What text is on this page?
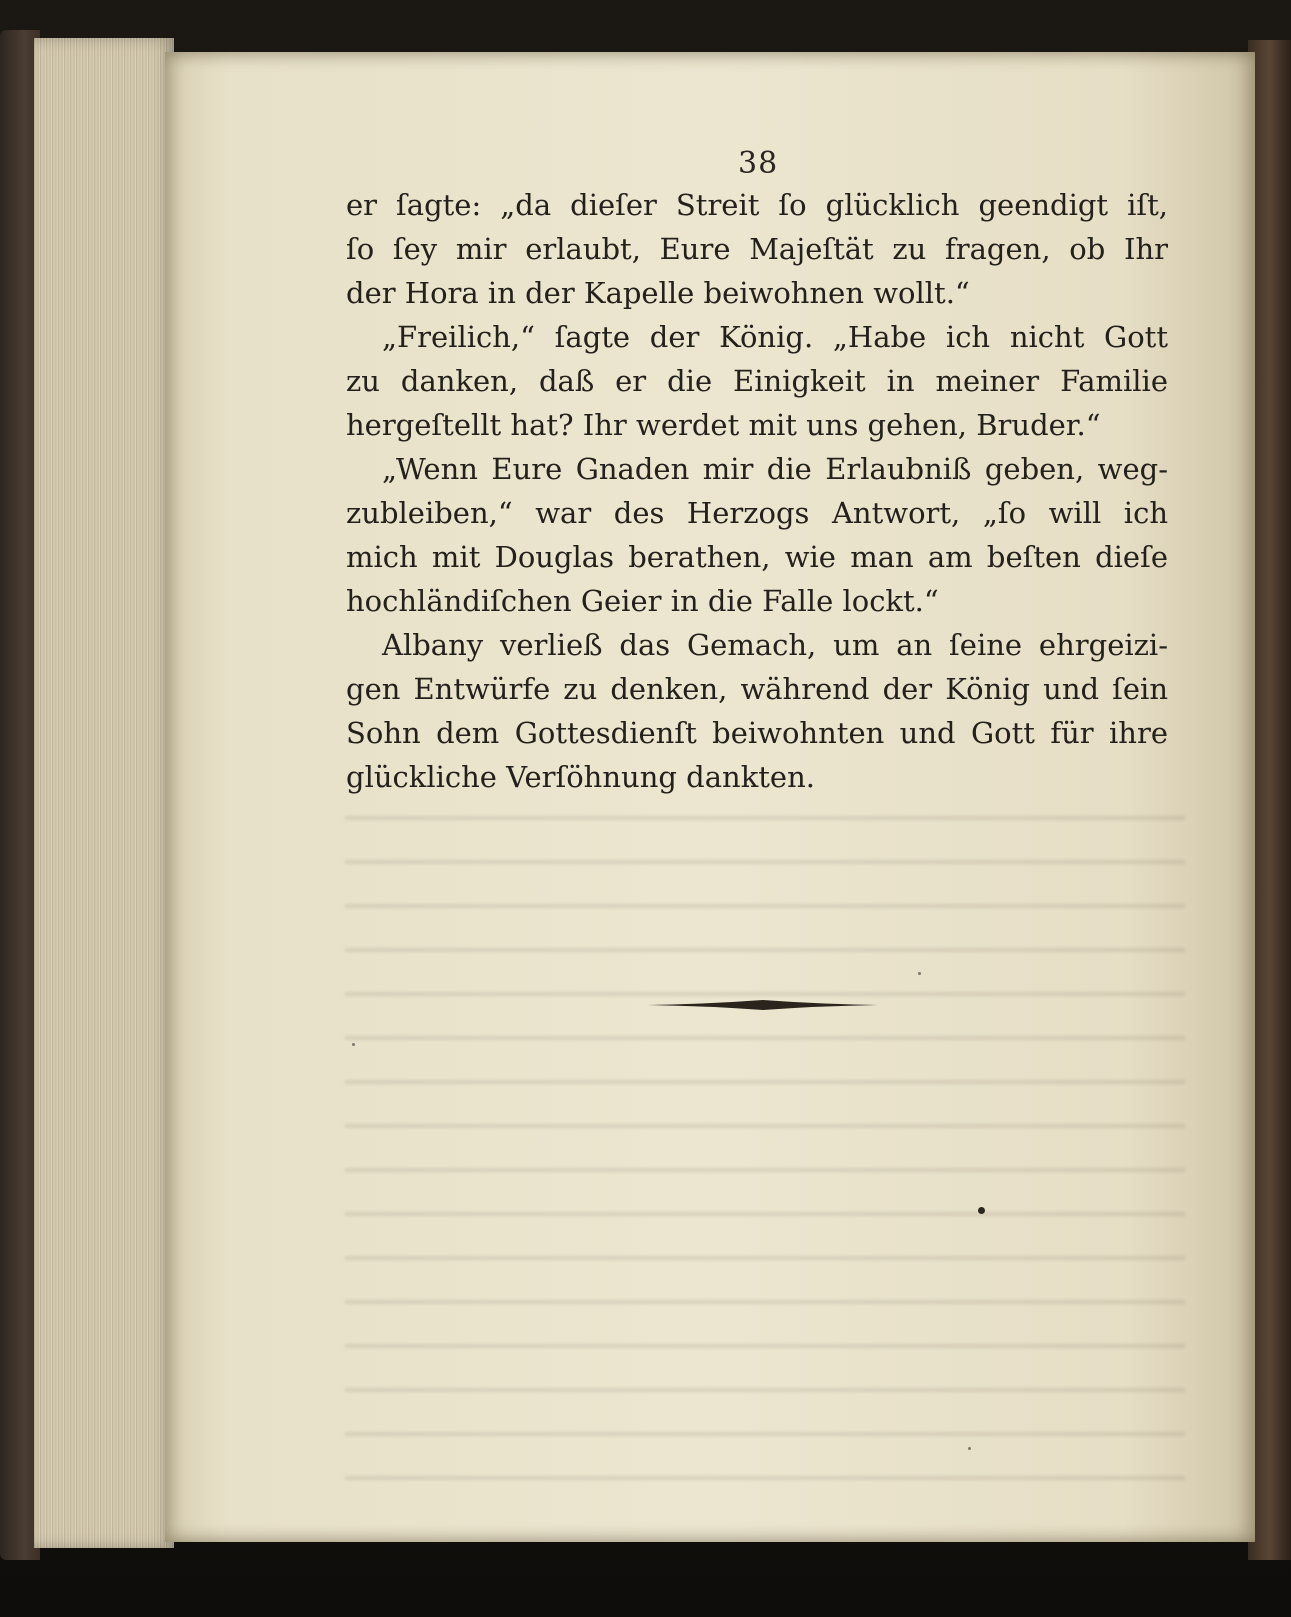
38
er ſagte: „da dieſer Streit ſo glücklich geendigt iſt,
ſo ſey mir erlaubt, Eure Majeſtät zu fragen, ob Ihr
der Hora in der Kapelle beiwohnen wollt.“
„Freilich,“ ſagte der König. „Habe ich nicht Gott
zu danken, daß er die Einigkeit in meiner Familie
hergeſtellt hat? Ihr werdet mit uns gehen, Bruder.“
„Wenn Eure Gnaden mir die Erlaubniß geben, weg-
zubleiben,“ war des Herzogs Antwort, „ſo will ich
mich mit Douglas berathen, wie man am beſten dieſe
hochländiſchen Geier in die Falle lockt.“
Albany verließ das Gemach, um an ſeine ehrgeizi-
gen Entwürfe zu denken, während der König und ſein
Sohn dem Gottesdienſt beiwohnten und Gott für ihre
glückliche Verſöhnung dankten.
